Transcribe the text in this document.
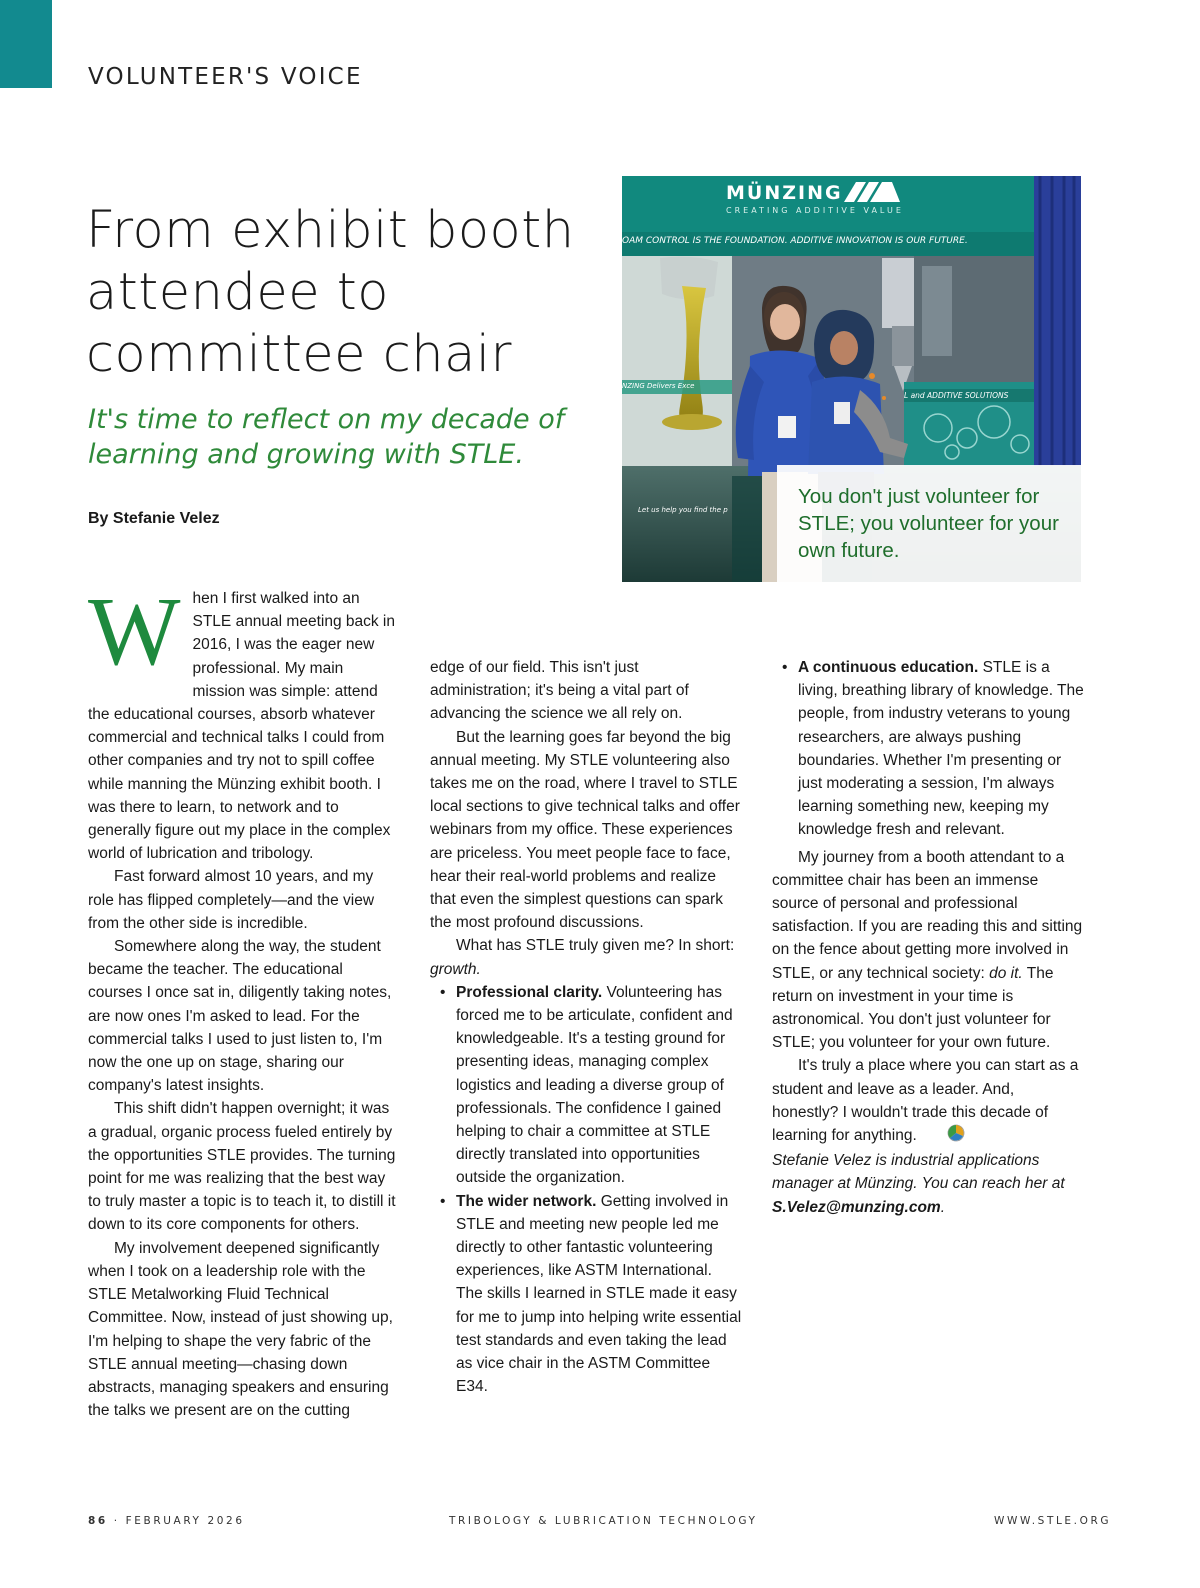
VOLUNTEER'S VOICE
From exhibit booth attendee to committee chair
It's time to reflect on my decade of learning and growing with STLE.
By Stefanie Velez
MÜNZING
CREATING ADDITIVE VALUE
OAM CONTROL IS THE FOUNDATION. ADDITIVE INNOVATION IS OUR FUTURE.
NZING Delivers Exce
L and ADDITIVE SOLUTIONS
Let us help you find the p
You don't just volunteer for STLE; you volunteer for your own future.

When I first walked into an STLE annual meeting back in 2016, I was the eager new professional. My main mission was simple: attend the educational courses, absorb whatever commercial and technical talks I could from other companies and try not to spill coffee while manning the Münzing exhibit booth. I was there to learn, to network and to generally figure out my place in the complex world of lubrication and tribology.

Fast forward almost 10 years, and my role has flipped completely—and the view from the other side is incredible.

Somewhere along the way, the student became the teacher. The educational courses I once sat in, diligently taking notes, are now ones I'm asked to lead. For the commercial talks I used to just listen to, I'm now the one up on stage, sharing our company's latest insights.

This shift didn't happen overnight; it was a gradual, organic process fueled entirely by the opportunities STLE provides. The turning point for me was realizing that the best way to truly master a topic is to teach it, to distill it down to its core components for others.

My involvement deepened significantly when I took on a leadership role with the STLE Metalworking Fluid Technical Committee. Now, instead of just showing up, I'm helping to shape the very fabric of the STLE annual meeting—chasing down abstracts, managing speakers and ensuring the talks we present are on the cutting

edge of our field. This isn't just administration; it's being a vital part of advancing the science we all rely on.

But the learning goes far beyond the big annual meeting. My STLE volunteering also takes me on the road, where I travel to STLE local sections to give technical talks and offer webinars from my office. These experiences are priceless. You meet people face to face, hear their real-world problems and realize that even the simplest questions can spark the most profound discussions.

What has STLE truly given me? In short: growth.

• Professional clarity. Volunteering has forced me to be articulate, confident and knowledgeable. It's a testing ground for presenting ideas, managing complex logistics and leading a diverse group of professionals. The confidence I gained helping to chair a committee at STLE directly translated into opportunities outside the organization.
• The wider network. Getting involved in STLE and meeting new people led me directly to other fantastic volunteering experiences, like ASTM International. The skills I learned in STLE made it easy for me to jump into helping write essential test standards and even taking the lead as vice chair in the ASTM Committee E34.
• A continuous education. STLE is a living, breathing library of knowledge. The people, from industry veterans to young researchers, are always pushing boundaries. Whether I'm presenting or just moderating a session, I'm always learning something new, keeping my knowledge fresh and relevant.

My journey from a booth attendant to a committee chair has been an immense source of personal and professional satisfaction. If you are reading this and sitting on the fence about getting more involved in STLE, or any technical society: do it. The return on investment in your time is astronomical. You don't just volunteer for STLE; you volunteer for your own future.

It's truly a place where you can start as a student and leave as a leader. And, honestly? I wouldn't trade this decade of learning for anything.

Stefanie Velez is industrial applications manager at Münzing. You can reach her at S.Velez@munzing.com.

86 · FEBRUARY 2026	TRIBOLOGY & LUBRICATION TECHNOLOGY	WWW.STLE.ORG
